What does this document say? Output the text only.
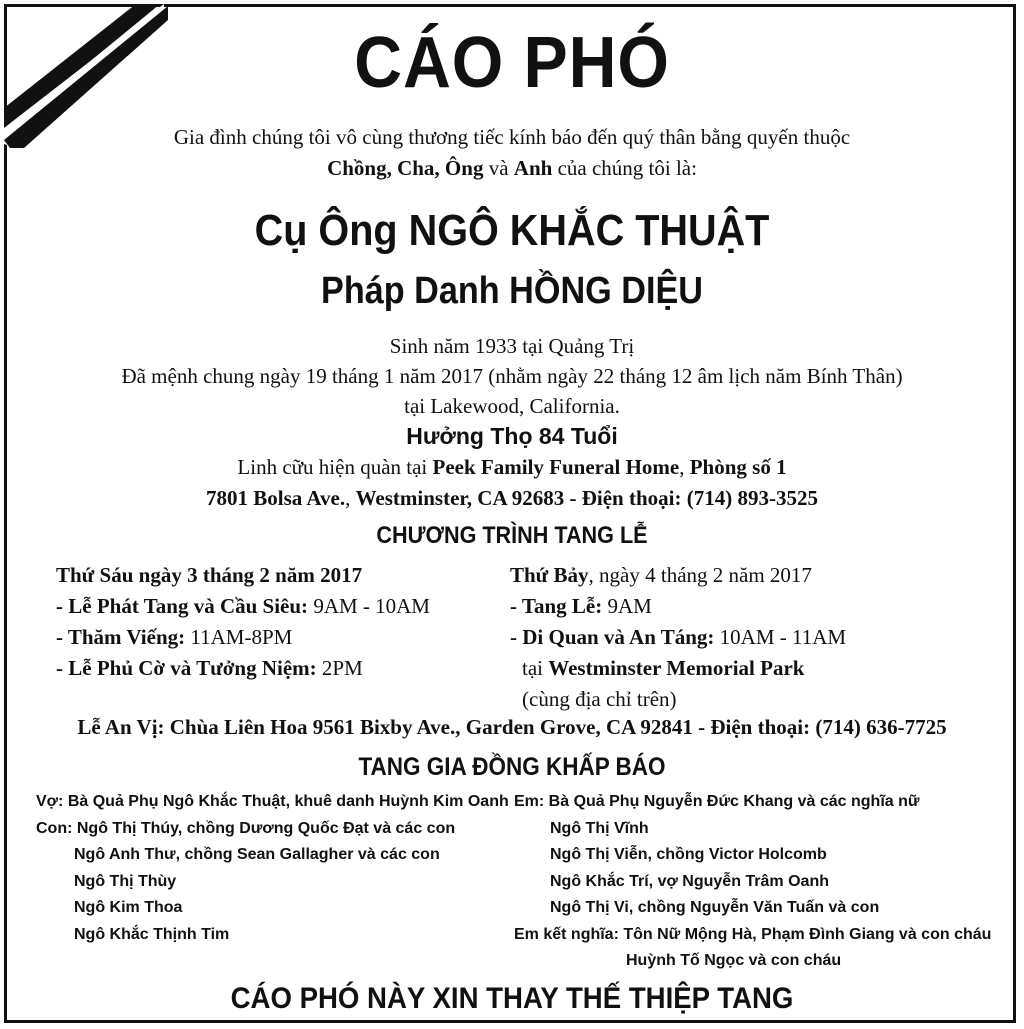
CÁO PHÓ
Gia đình chúng tôi vô cùng thương tiếc kính báo đến quý thân bằng quyến thuộc
Chồng, Cha, Ông và Anh của chúng tôi là:
Cụ Ông NGÔ KHẮC THUẬT
Pháp Danh HỒNG DIỆU
Sinh năm 1933 tại Quảng Trị
Đã mệnh chung ngày 19 tháng 1 năm 2017 (nhằm ngày 22 tháng 12 âm lịch năm Bính Thân)
tại Lakewood, California.
Hưởng Thọ 84 Tuổi
Linh cữu hiện quàn tại Peek Family Funeral Home, Phòng số 1
7801 Bolsa Ave., Westminster, CA 92683 - Điện thoại: (714) 893-3525
CHƯƠNG TRÌNH TANG LỄ
Thứ Sáu ngày 3 tháng 2 năm 2017
- Lễ Phát Tang và Cầu Siêu: 9AM - 10AM
- Thăm Viếng: 11AM-8PM
- Lễ Phủ Cờ và Tưởng Niệm: 2PM
Thứ Bảy, ngày 4 tháng 2 năm 2017
- Tang Lễ: 9AM
- Di Quan và An Táng: 10AM - 11AM
tại Westminster Memorial Park
(cùng địa chỉ trên)
Lễ An Vị: Chùa Liên Hoa 9561 Bixby Ave., Garden Grove, CA 92841 - Điện thoại: (714) 636-7725
TANG GIA ĐỒNG KHẤP BÁO
Vợ: Bà Quả Phụ Ngô Khắc Thuật, khuê danh Huỳnh Kim Oanh
Con: Ngô Thị Thúy, chồng Dương Quốc Đạt và các con
Ngô Anh Thư, chồng Sean Gallagher và các con
Ngô Thị Thùy
Ngô Kim Thoa
Ngô Khắc Thịnh Tim
Em: Bà Quả Phụ Nguyễn Đức Khang và các nghĩa nữ
Ngô Thị Vĩnh
Ngô Thị Viễn, chồng Victor Holcomb
Ngô Khắc Trí, vợ Nguyễn Trâm Oanh
Ngô Thị Vi, chồng Nguyễn Văn Tuấn và con
Em kết nghĩa: Tôn Nữ Mộng Hà, Phạm Đình Giang và con cháu
Huỳnh Tố Ngọc và con cháu
CÁO PHÓ NÀY XIN THAY THẾ THIỆP TANG
